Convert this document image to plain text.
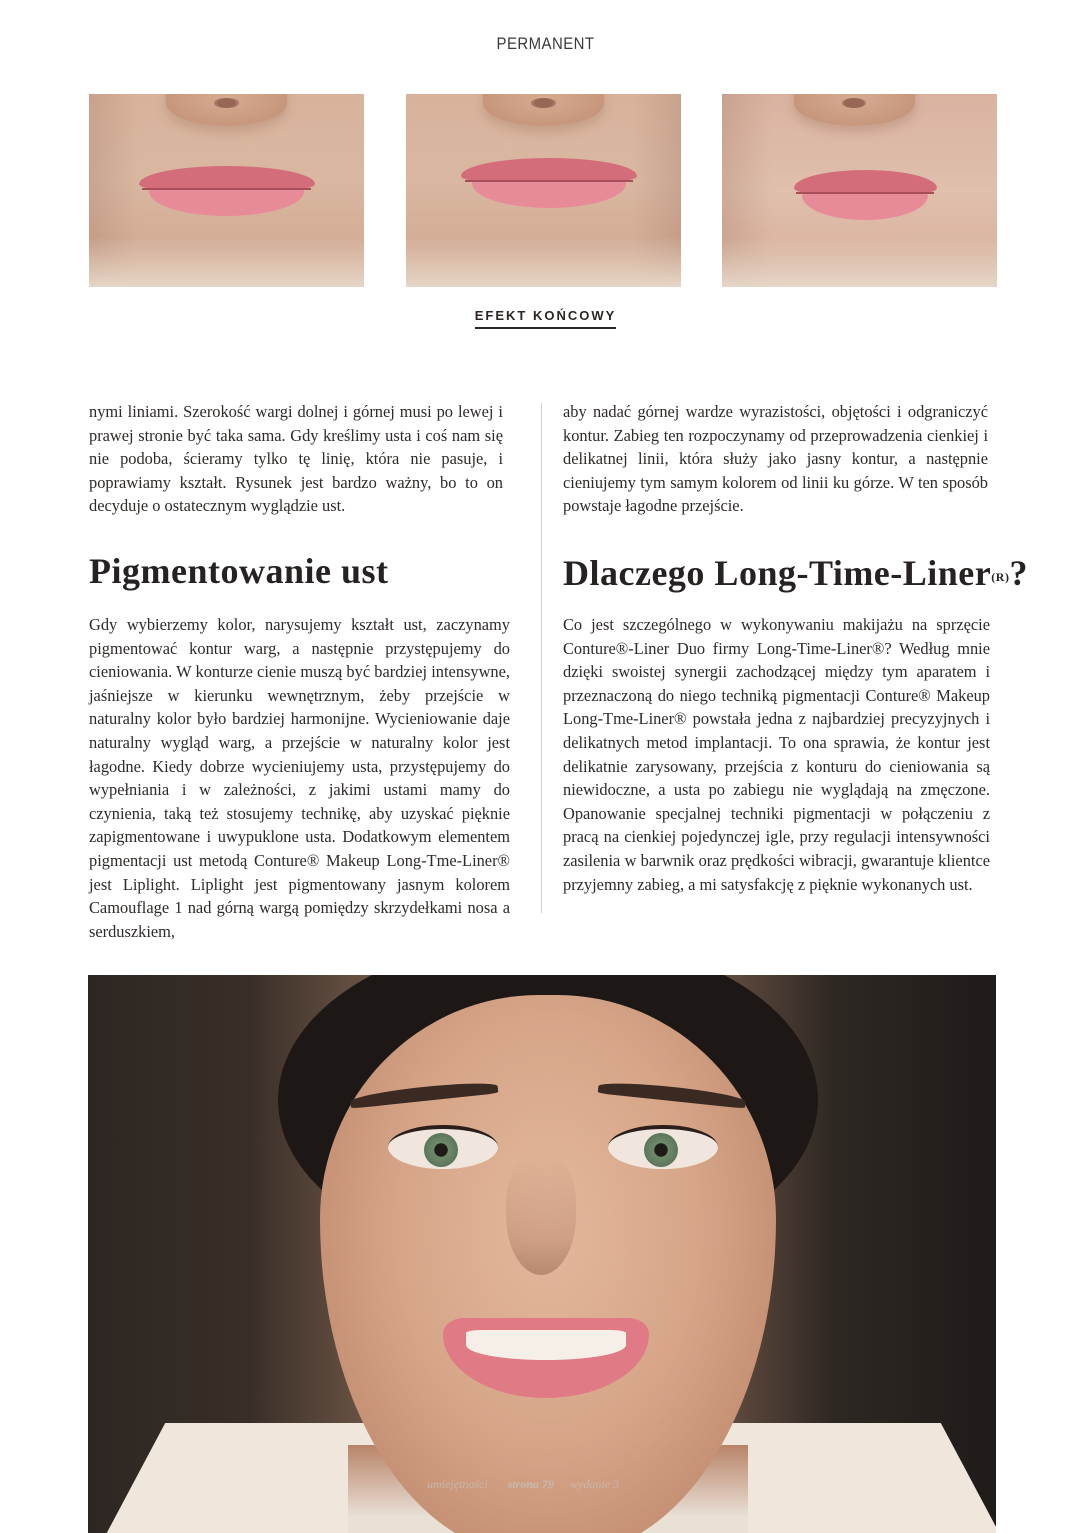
PERMANENT
EFEKT KOŃCOWY

nymi liniami. Szerokość wargi dolnej i górnej musi po lewej i prawej stronie być taka sama. Gdy kreślimy usta i coś nam się nie podoba, ścieramy tylko tę linię, która nie pasuje, i poprawiamy kształt. Rysunek jest bardzo ważny, bo to on decyduje o ostatecznym wyglądzie ust.

Pigmentowanie ust

Gdy wybierzemy kolor, narysujemy kształt ust, zaczynamy pigmentować kontur warg, a następnie przystępujemy do cieniowania. W konturze cienie muszą być bardziej intensywne, jaśniejsze w kierunku wewnętrznym, żeby przejście w naturalny kolor było bardziej harmonijne. Wycieniowanie daje naturalny wygląd warg, a przejście w naturalny kolor jest łagodne. Kiedy dobrze wycieniujemy usta, przystępujemy do wypełniania i w zależności, z jakimi ustami mamy do czynienia, taką też stosujemy technikę, aby uzyskać pięknie zapigmentowane i uwypuklone usta. Dodatkowym elementem pigmentacji ust metodą Conture® Makeup Long-Tme-Liner® jest Liplight. Liplight jest pigmentowany jasnym kolorem Camouflage 1 nad górną wargą pomiędzy skrzydełkami nosa a serduszkiem,

aby nadać górnej wardze wyrazistości, objętości i odgraniczyć kontur. Zabieg ten rozpoczynamy od przeprowadzenia cienkiej i delikatnej linii, która służy jako jasny kontur, a następnie cieniujemy tym samym kolorem od linii ku górze. W ten sposób powstaje łagodne przejście.

Dlaczego Long-Time-Liner$^{(R)}$?

Co jest szczególnego w wykonywaniu makijażu na sprzęcie Conture®-Liner Duo firmy Long-Time-Liner®? Według mnie dzięki swoistej synergii zachodzącej między tym aparatem i przeznaczoną do niego techniką pigmentacji Conture® Makeup Long-Tme-Liner® powstała jedna z najbardziej precyzyjnych i delikatnych metod implantacji. To ona sprawia, że kontur jest delikatnie zarysowany, przejścia z konturu do cieniowania są niewidoczne, a usta po zabiegu nie wyglądają na zmęczone. Opanowanie specjalnej techniki pigmentacji w połączeniu z pracą na cienkiej pojedynczej igle, przy regulacji intensywności zasilenia w barwnik oraz prędkości wibracji, gwarantuje klientce przyjemny zabieg, a mi satysfakcję z pięknie wykonanych ust.

umiejętności strona 79 wydanie 3
